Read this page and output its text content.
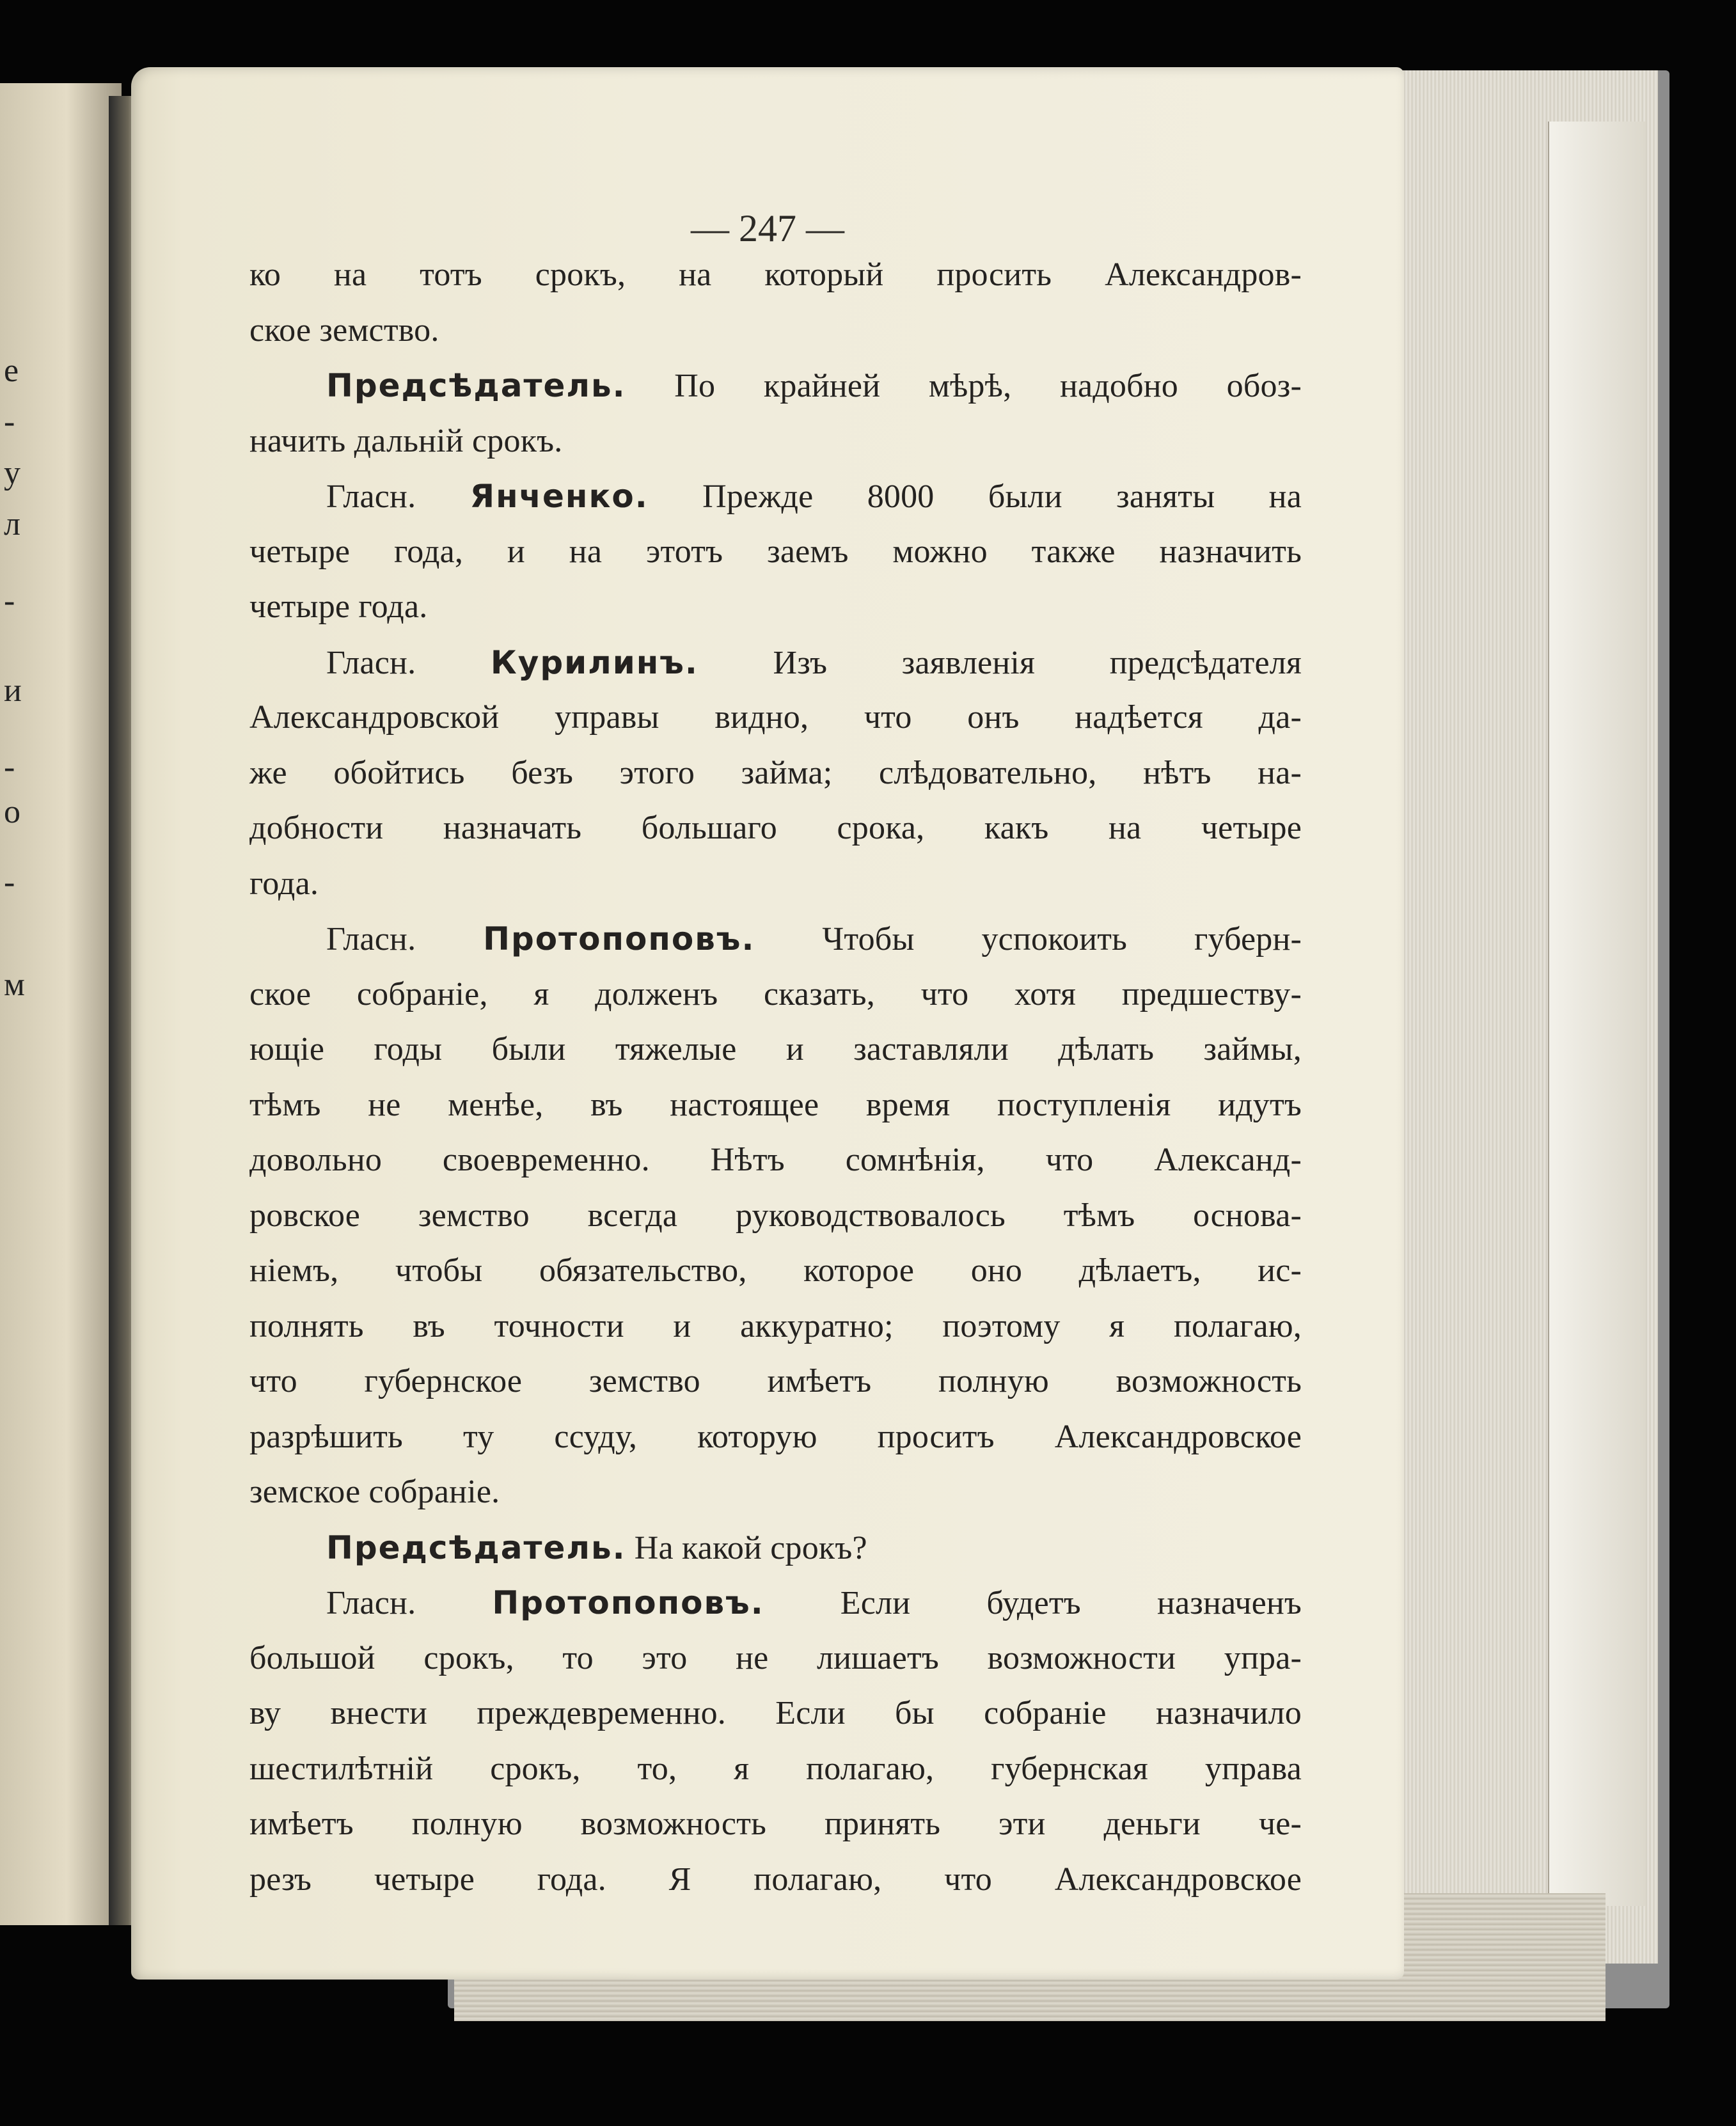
е
-
у
л
-
и
-
о
-
м
— 247 —
ко на тотъ срокъ, на который просить Александров-
ское земство.
Предсѣдатель. По крайней мѣрѣ, надобно обоз-
начить дальній срокъ.
Гласн. Янченко. Прежде 8000 были заняты на
четыре года, и на этотъ заемъ можно также назначить
четыре года.
Гласн. Курилинъ. Изъ заявленія предсѣдателя
Александровской управы видно, что онъ надѣется да-
же обойтись безъ этого займа; слѣдовательно, нѣтъ на-
добности назначать большаго срока, какъ на четыре
года.
Гласн. Протопоповъ. Чтобы успокоить губерн-
ское собраніе, я долженъ сказать, что хотя предшеству-
ющіе годы были тяжелые и заставляли дѣлать займы,
тѣмъ не менѣе, въ настоящее время поступленія идутъ
довольно своевременно. Нѣтъ сомнѣнія, что Александ-
ровское земство всегда руководствовалось тѣмъ основа-
ніемъ, чтобы обязательство, которое оно дѣлаетъ, ис-
полнять въ точности и аккуратно; поэтому я полагаю,
что губернское земство имѣетъ полную возможность
разрѣшить ту ссуду, которую проситъ Александровское
земское собраніе.
Предсѣдатель. На какой срокъ?
Гласн. Протопоповъ. Если будетъ назначенъ
большой срокъ, то это не лишаетъ возможности упра-
ву внести преждевременно. Если бы собраніе назначило
шестилѣтній срокъ, то, я полагаю, губернская управа
имѣетъ полную возможность принять эти деньги че-
резъ четыре года. Я полагаю, что Александровское
